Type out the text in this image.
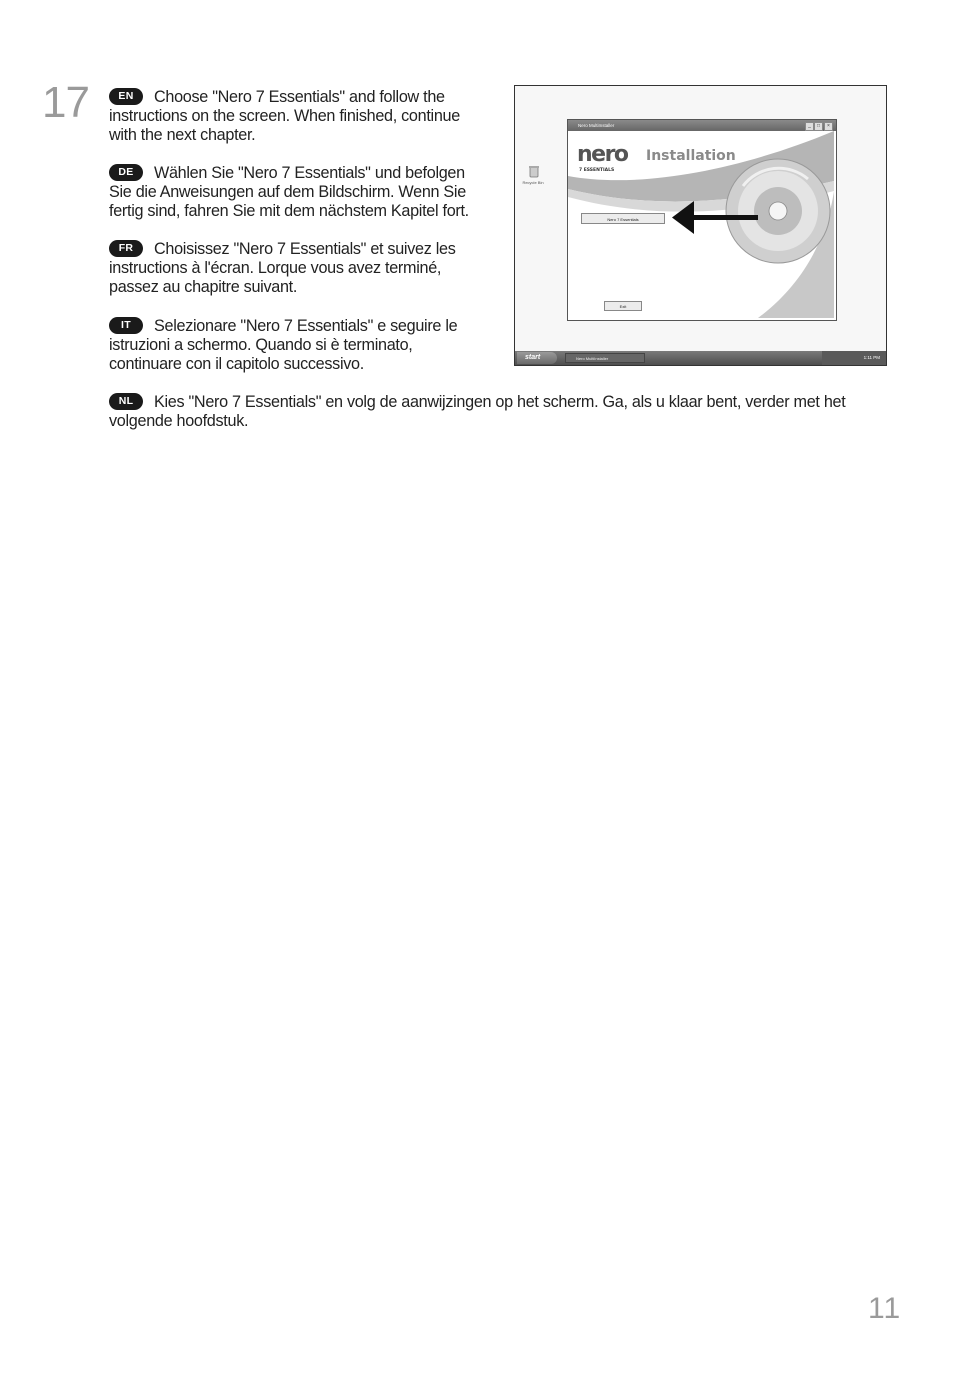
17	EN Choose "Nero 7 Essentials" and follow the instructions on the screen. When finished, continue with the next chapter.
DE Wählen Sie "Nero 7 Essentials" und befolgen Sie die Anweisungen auf dem Bildschirm. Wenn Sie fertig sind, fahren Sie mit dem nächstem Kapitel fort.
FR Choisissez "Nero 7 Essentials" et suivez les instructions à l'écran. Lorque vous avez terminé, passez au chapitre suivant.
IT Selezionare "Nero 7 Essentials" e seguire le istruzioni a schermo. Quando si è terminato, continuare con il capitolo successivo.
NL Kies "Nero 7 Essentials" en volg de aanwijzingen op het scherm. Ga, als u klaar bent, verder met het volgende hoofdstuk.
Recycle Bin
Nero MultiInstaller	_	□	×
nero
7 ESSENTIALS
Installation
Nero 7 Essentials
Exit
start	Nero MultiInstaller	1:11 PM
11
